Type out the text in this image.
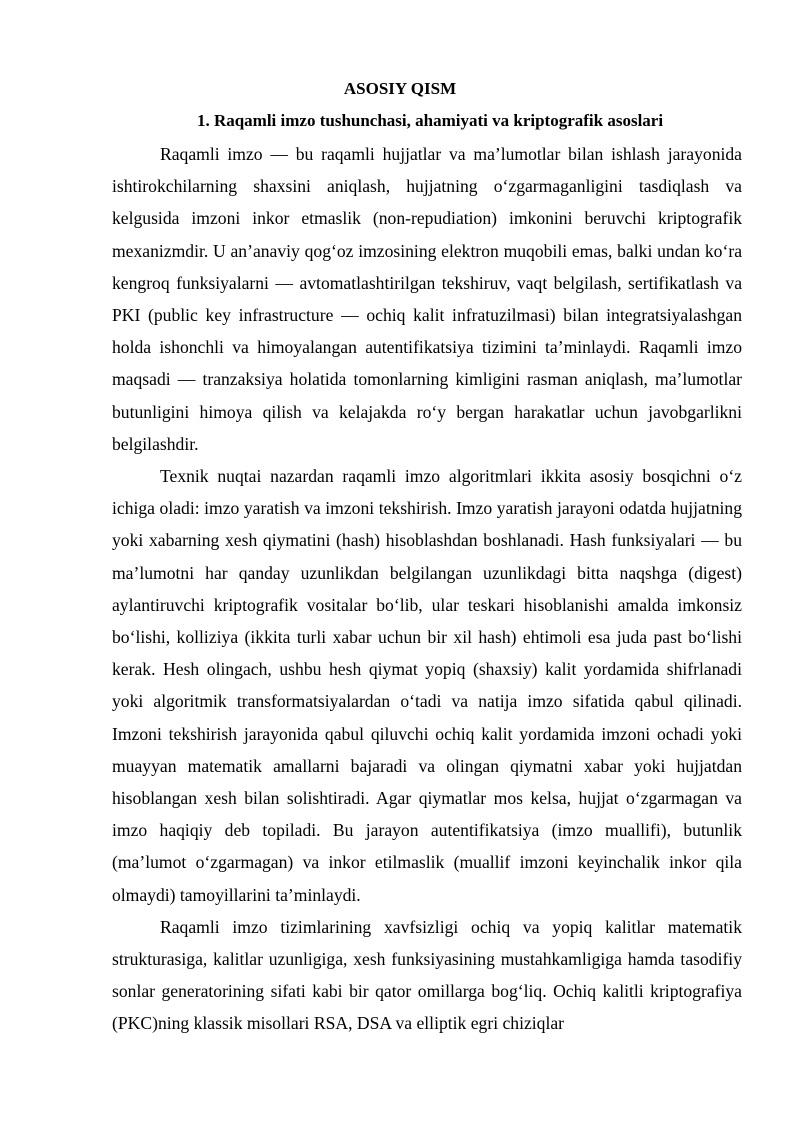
ASOSIY QISM
1. Raqamli imzo tushunchasi, ahamiyati va kriptografik asoslari

Raqamli imzo — bu raqamli hujjatlar va ma’lumotlar bilan ishlash jarayonida ishtirokchilarning shaxsini aniqlash, hujjatning o‘zgarmaganligini tasdiqlash va kelgusida imzoni inkor etmaslik (non-repudiation) imkonini beruvchi kriptografik mexanizmdir. U an’anaviy qog‘oz imzosining elektron muqobili emas, balki undan ko‘ra kengroq funksiyalarni — avtomatlashtirilgan tekshiruv, vaqt belgilash, sertifikatlash va PKI (public key infrastructure — ochiq kalit infratuzilmasi) bilan integratsiyalashgan holda ishonchli va himoyalangan autentifikatsiya tizimini ta’minlaydi. Raqamli imzo maqsadi — tranzaksiya holatida tomonlarning kimligini rasman aniqlash, ma’lumotlar butunligini himoya qilish va kelajakda ro‘y bergan harakatlar uchun javobgarlikni belgilashdir.

Texnik nuqtai nazardan raqamli imzo algoritmlari ikkita asosiy bosqichni o‘z ichiga oladi: imzo yaratish va imzoni tekshirish. Imzo yaratish jarayoni odatda hujjatning yoki xabarning xesh qiymatini (hash) hisoblashdan boshlanadi. Hash funksiyalari — bu ma’lumotni har qanday uzunlikdan belgilangan uzunlikdagi bitta naqshga (digest) aylantiruvchi kriptografik vositalar bo‘lib, ular teskari hisoblanishi amalda imkonsiz bo‘lishi, kolliziya (ikkita turli xabar uchun bir xil hash) ehtimoli esa juda past bo‘lishi kerak. Hesh olingach, ushbu hesh qiymat yopiq (shaxsiy) kalit yordamida shifrlanadi yoki algoritmik transformatsiyalardan o‘tadi va natija imzo sifatida qabul qilinadi. Imzoni tekshirish jarayonida qabul qiluvchi ochiq kalit yordamida imzoni ochadi yoki muayyan matematik amallarni bajaradi va olingan qiymatni xabar yoki hujjatdan hisoblangan xesh bilan solishtiradi. Agar qiymatlar mos kelsa, hujjat o‘zgarmagan va imzo haqiqiy deb topiladi. Bu jarayon autentifikatsiya (imzo muallifi), butunlik (ma’lumot o‘zgarmagan) va inkor etilmaslik (muallif imzoni keyinchalik inkor qila olmaydi) tamoyillarini ta’minlaydi.

Raqamli imzo tizimlarining xavfsizligi ochiq va yopiq kalitlar matematik strukturasiga, kalitlar uzunligiga, xesh funksiyasining mustahkamligiga hamda tasodifiy sonlar generatorining sifati kabi bir qator omillarga bog‘liq. Ochiq kalitli kriptografiya (PKC)ning klassik misollari RSA, DSA va elliptik egri chiziqlar
